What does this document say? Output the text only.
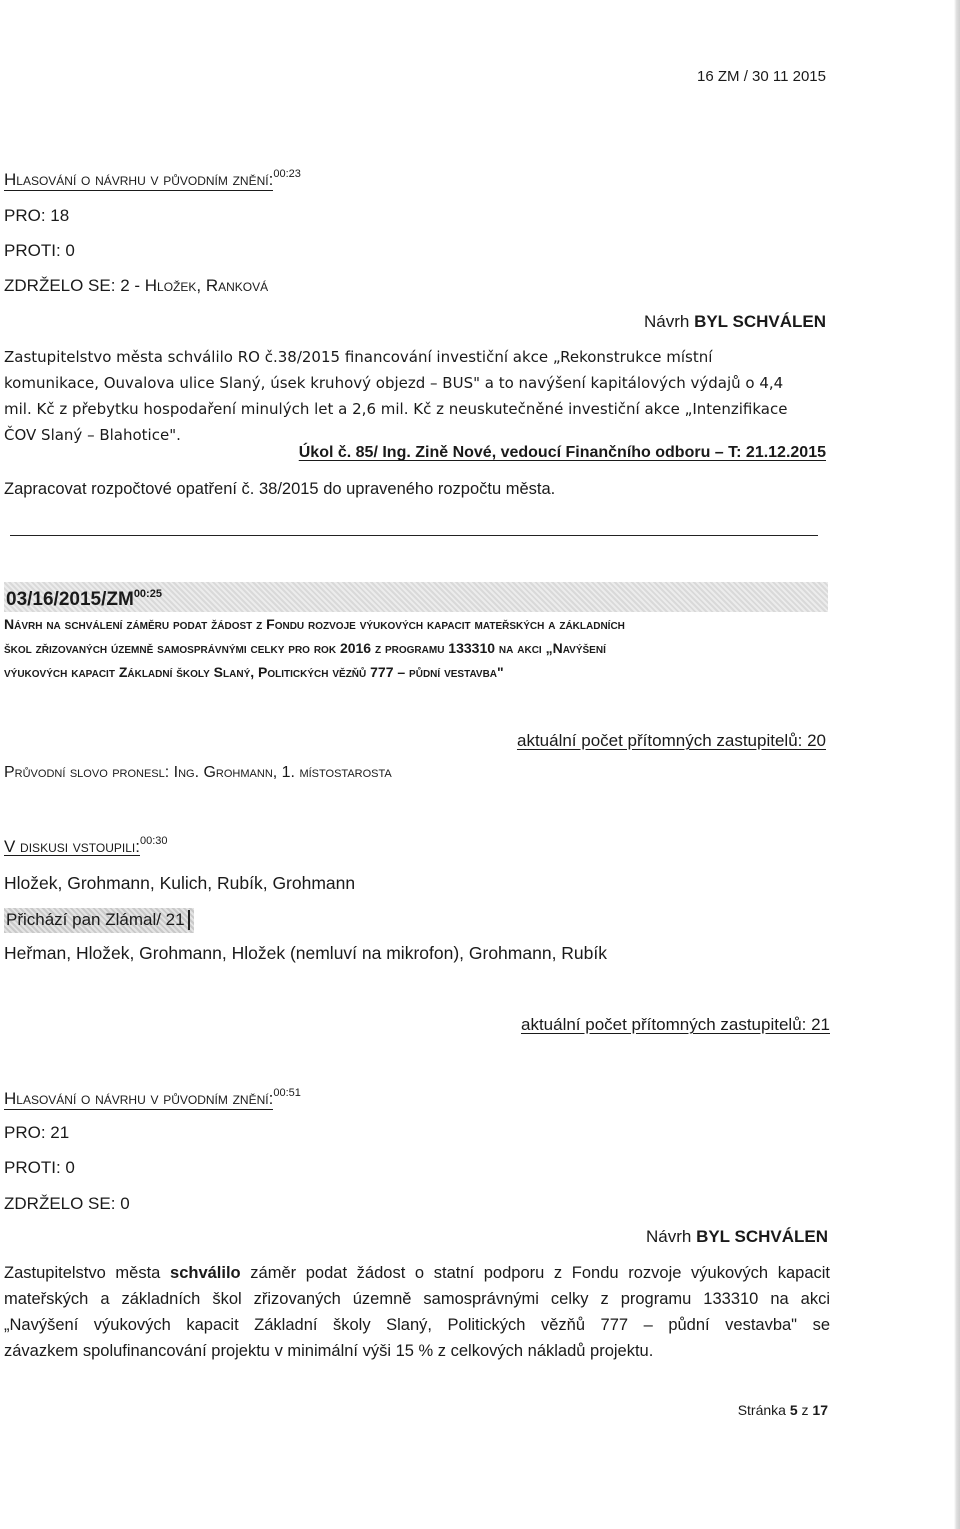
16 ZM / 30 11 2015
Hlasování o návrhu v původním znění:$^{00:23}$
PRO: 18
PROTI: 0
ZDRŽELO SE: 2 - Hložek, Ranková
Návrh BYL SCHVÁLEN
Zastupitelstvo města schválilo RO č.38/2015 financování investiční akce „Rekonstrukce místní
komunikace, Ouvalova ulice Slaný, úsek kruhový objezd – BUS" a to navýšení kapitálových výdajů o 4,4
mil. Kč z přebytku hospodaření minulých let a 2,6 mil. Kč z neuskutečněné investiční akce „Intenzifikace
ČOV Slaný – Blahotice".
Úkol č. 85/ Ing. Zině Nové, vedoucí Finančního odboru – T: 21.12.2015
Zapracovat rozpočtové opatření č. 38/2015 do upraveného rozpočtu města.
$03/16/2015/ZM^{00:25}$
Návrh na schválení záměru podat žádost z Fondu rozvoje výukových kapacit mateřských a základních
škol zřizovaných územně samosprávnými celky pro rok 2016 z programu 133310 na akci „Navýšení
výukových kapacit Základní školy Slaný, Politických vězňů 777 – půdní vestavba"
aktuální počet přítomných zastupitelů: 20
Průvodní slovo pronesl: Ing. Grohmann, 1. místostarosta
V diskusi vstoupili:$^{00:30}$
Hložek, Grohmann, Kulich, Rubík, Grohmann
Přichází pan Zlámal/ 21
Heřman, Hložek, Grohmann, Hložek (nemluví na mikrofon), Grohmann, Rubík
aktuální počet přítomných zastupitelů: 21
Hlasování o návrhu v původním znění:$^{00:51}$
PRO: 21
PROTI: 0
ZDRŽELO SE: 0
Návrh BYL SCHVÁLEN
Zastupitelstvo města schválilo záměr podat žádost o statní podporu z Fondu rozvoje výukových kapacit
mateřských a základních škol zřizovaných územně samosprávnými celky z programu 133310 na akci
„Navýšení výukových kapacit Základní školy Slaný, Politických vězňů 777 – půdní vestavba" se
závazkem spolufinancování projektu v minimální výši 15 % z celkových nákladů projektu.
Stránka 5 z 17
